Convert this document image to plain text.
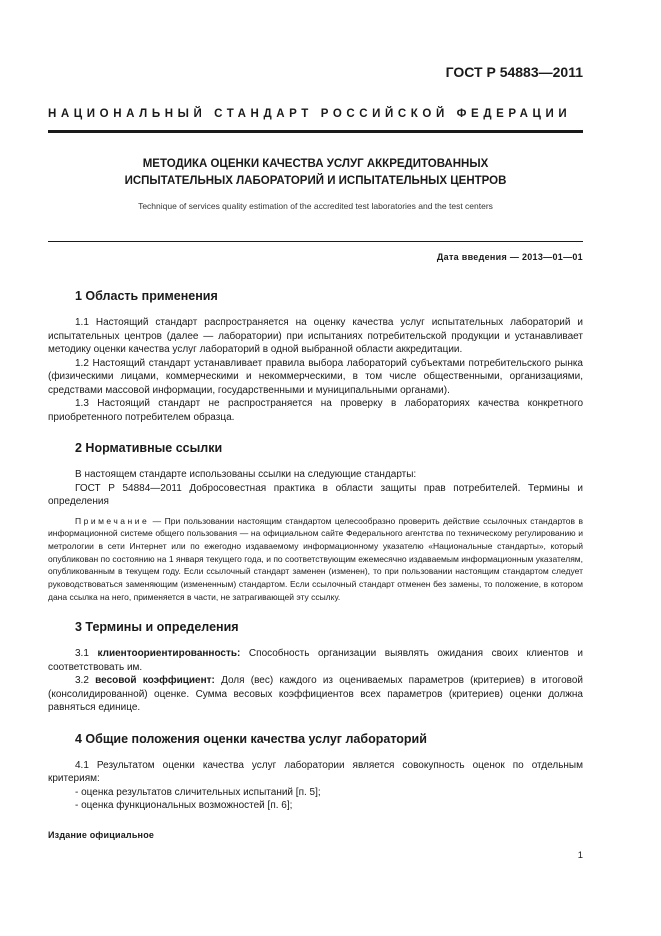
ГОСТ Р 54883—2011
НАЦИОНАЛЬНЫЙ СТАНДАРТ РОССИЙСКОЙ ФЕДЕРАЦИИ
МЕТОДИКА ОЦЕНКИ КАЧЕСТВА УСЛУГ АККРЕДИТОВАННЫХ
ИСПЫТАТЕЛЬНЫХ ЛАБОРАТОРИЙ И ИСПЫТАТЕЛЬНЫХ ЦЕНТРОВ
Technique of services quality estimation of the accredited test laboratories and the test centers
Дата введения — 2013—01—01
1 Область применения

1.1 Настоящий стандарт распространяется на оценку качества услуг испытательных лабораторий и испытательных центров (далее — лаборатории) при испытаниях потребительской продукции и устанавливает методику оценки качества услуг лабораторий в одной выбранной области аккредитации.

1.2 Настоящий стандарт устанавливает правила выбора лабораторий субъектами потребительского рынка (физическими лицами, коммерческими и некоммерческими, в том числе общественными, организациями, средствами массовой информации, государственными и муниципальными органами).

1.3 Настоящий стандарт не распространяется на проверку в лабораториях качества конкретного приобретенного потребителем образца.

2 Нормативные ссылки

В настоящем стандарте использованы ссылки на следующие стандарты:

ГОСТ Р 54884—2011 Добросовестная практика в области защиты прав потребителей. Термины и определения

Примечание — При пользовании настоящим стандартом целесообразно проверить действие ссылочных стандартов в информационной системе общего пользования — на официальном сайте Федерального агентства по техническому регулированию и метрологии в сети Интернет или по ежегодно издаваемому информационному указателю «Национальные стандарты», который опубликован по состоянию на 1 января текущего года, и по соответствующим ежемесячно издаваемым информационным указателям, опубликованным в текущем году. Если ссылочный стандарт заменен (изменен), то при пользовании настоящим стандартом следует руководствоваться заменяющим (измененным) стандартом. Если ссылочный стандарт отменен без замены, то положение, в котором дана ссылка на него, применяется в части, не затрагивающей эту ссылку.
3 Термины и определения

3.1 клиентоориентированность: Способность организации выявлять ожидания своих клиентов и соответствовать им.

3.2 весовой коэффициент: Доля (вес) каждого из оцениваемых параметров (критериев) в итоговой (консолидированной) оценке. Сумма весовых коэффициентов всех параметров (критериев) оценки должна равняться единице.

4 Общие положения оценки качества услуг лабораторий

4.1 Результатом оценки качества услуг лаборатории является совокупность оценок по отдельным критериям:

- оценка результатов сличительных испытаний [п. 5];

- оценка функциональных возможностей [п. 6];

Издание официальное
1
